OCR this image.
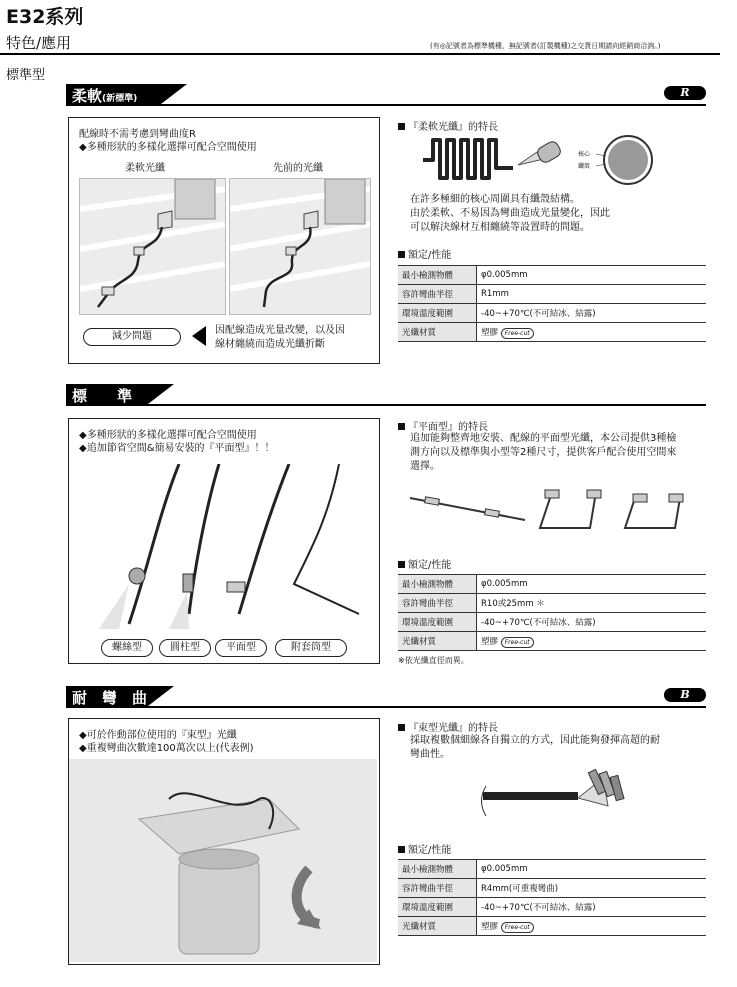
E32系列
特色/應用	(有◎記號者為標準機種，無記號者(訂製機種)之交貨日期請向經銷商洽詢。)
標準型
柔軟(新標準)	R
配線時不需考慮到彎曲度R
◆多種形狀的多樣化選擇可配合空間使用
柔軟光纖	先前的光纖
減少問題
因配線造成光量改變，以及因
線材纏繞而造成光纖折斷
『柔軟光纖』的特長
核心
纖殼
在許多極細的核心周圍具有纖殼結構。
由於柔軟、不易因為彎曲造成光量變化，因此
可以解決線材互相纏繞等設置時的問題。
額定/性能
最小檢測物體	φ0.005mm
容許彎曲半徑	R1mm
環境溫度範圍	-40~+70℃(不可結冰、結露)
光纖材質	塑膠 Free-cut
標　　準
◆多種形狀的多樣化選擇可配合空間使用
◆追加節省空間&簡易安裝的『平面型』！！
螺絲型	圓柱型	平面型	附套筒型
『平面型』的特長
追加能夠整齊地安裝、配線的平面型光纖，本公司提供3種檢
測方向以及標準與小型等2種尺寸，提供客戶配合使用空間來
選擇。
額定/性能
最小檢測物體	φ0.005mm
容許彎曲半徑	R10或25mm ＊
環境溫度範圍	-40~+70℃(不可結冰、結露)
光纖材質	塑膠 Free-cut
※依光纖直徑而異。
耐　彎　曲	B
◆可於作動部位使用的『束型』光纖
◆重複彎曲次數達100萬次以上(代表例)
『束型光纖』的特長
採取複數個細線各自獨立的方式，因此能夠發揮高超的耐
彎曲性。
額定/性能
最小檢測物體	φ0.005mm
容許彎曲半徑	R4mm(可重複彎曲)
環境溫度範圍	-40~+70℃(不可結冰、結露)
光纖材質	塑膠 Free-cut
